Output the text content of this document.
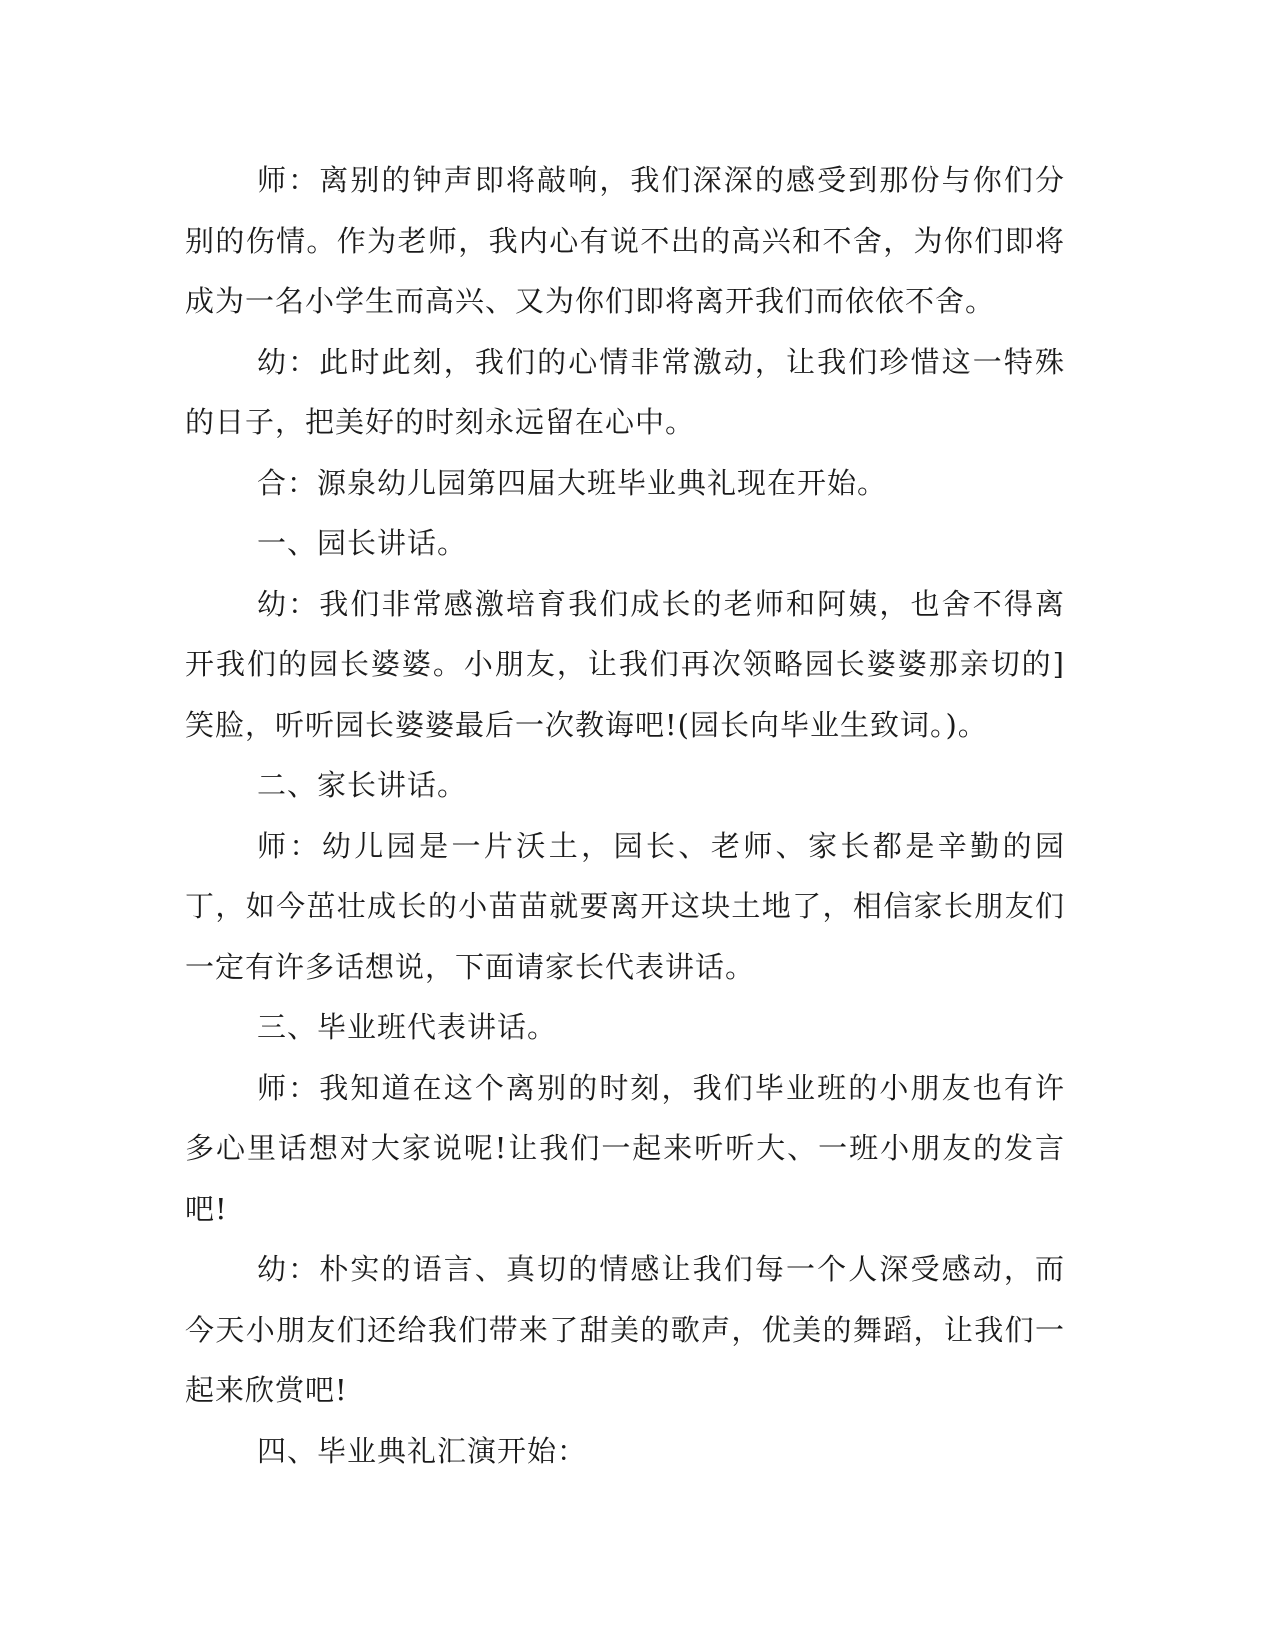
师：离别的钟声即将敲响，我们深深的感受到那份与你们分别的伤情。作为老师，我内心有说不出的高兴和不舍，为你们即将成为一名小学生而高兴、又为你们即将离开我们而依依不舍。

幼：此时此刻，我们的心情非常激动，让我们珍惜这一特殊的日子，把美好的时刻永远留在心中。

合：源泉幼儿园第四届大班毕业典礼现在开始。

一、园长讲话。

幼：我们非常感激培育我们成长的老师和阿姨，也舍不得离开我们的园长婆婆。小朋友，让我们再次领略园长婆婆那亲切的]笑脸，听听园长婆婆最后一次教诲吧!(园长向毕业生致词。)。

二、家长讲话。

师：幼儿园是一片沃土，园长、老师、家长都是辛勤的园丁，如今茁壮成长的小苗苗就要离开这块土地了，相信家长朋友们一定有许多话想说，下面请家长代表讲话。

三、毕业班代表讲话。

师：我知道在这个离别的时刻，我们毕业班的小朋友也有许多心里话想对大家说呢!让我们一起来听听大、一班小朋友的发言吧!

幼：朴实的语言、真切的情感让我们每一个人深受感动，而今天小朋友们还给我们带来了甜美的歌声，优美的舞蹈，让我们一起来欣赏吧!

四、毕业典礼汇演开始：
